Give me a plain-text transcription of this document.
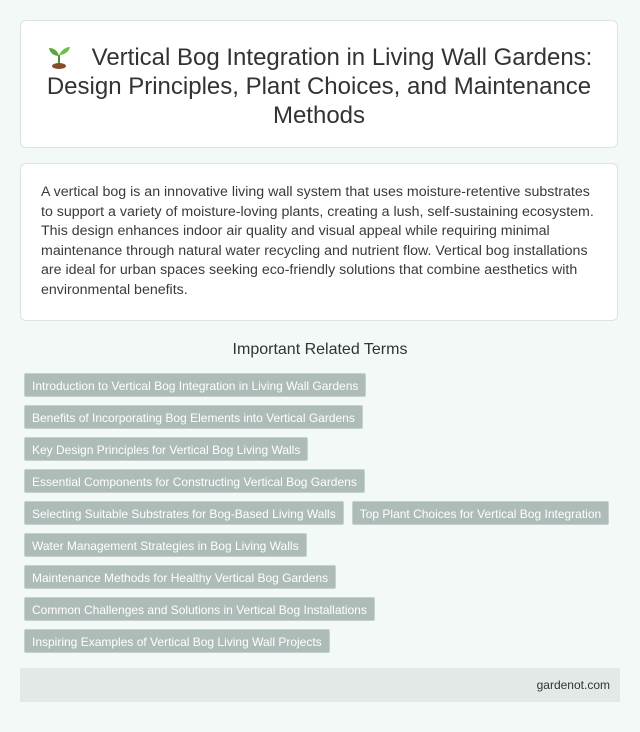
Vertical Bog Integration in Living Wall Gardens: Design Principles, Plant Choices, and Maintenance Methods

A vertical bog is an innovative living wall system that uses moisture-retentive substrates to support a variety of moisture-loving plants, creating a lush, self-sustaining ecosystem. This design enhances indoor air quality and visual appeal while requiring minimal maintenance through natural water recycling and nutrient flow. Vertical bog installations are ideal for urban spaces seeking eco-friendly solutions that combine aesthetics with environmental benefits.

Important Related Terms
Introduction to Vertical Bog Integration in Living Wall Gardens
Benefits of Incorporating Bog Elements into Vertical Gardens
Key Design Principles for Vertical Bog Living Walls
Essential Components for Constructing Vertical Bog Gardens
Selecting Suitable Substrates for Bog-Based Living Walls	Top Plant Choices for Vertical Bog Integration
Water Management Strategies in Bog Living Walls
Maintenance Methods for Healthy Vertical Bog Gardens
Common Challenges and Solutions in Vertical Bog Installations
Inspiring Examples of Vertical Bog Living Wall Projects
gardenot.com
